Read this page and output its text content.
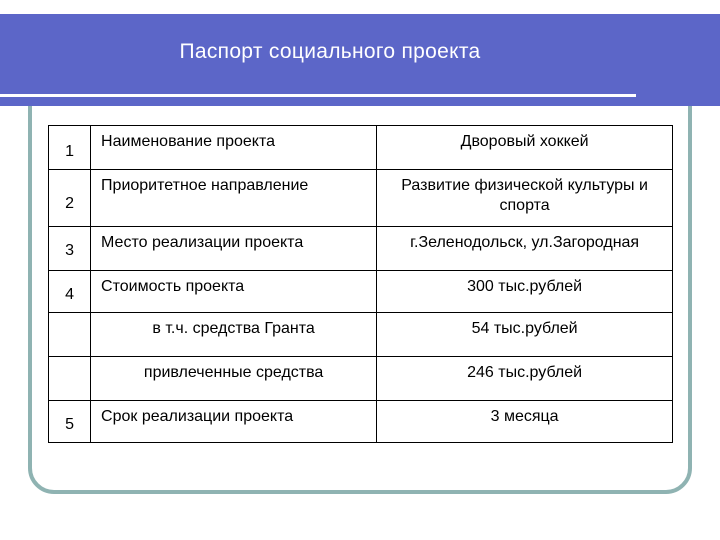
Паспорт социального проекта
1	Наименование проекта	Дворовый хоккей

2	Приоритетное направление	Развитие физической культуры и спорта

3	Место реализации проекта	г.Зеленодольск, ул.Загородная

4	Стоимость проекта	300 тыс.рублей

	в т.ч. средства Гранта	54 тыс.рублей

	привлеченные средства	246 тыс.рублей

5	Срок реализации проекта	3 месяца
